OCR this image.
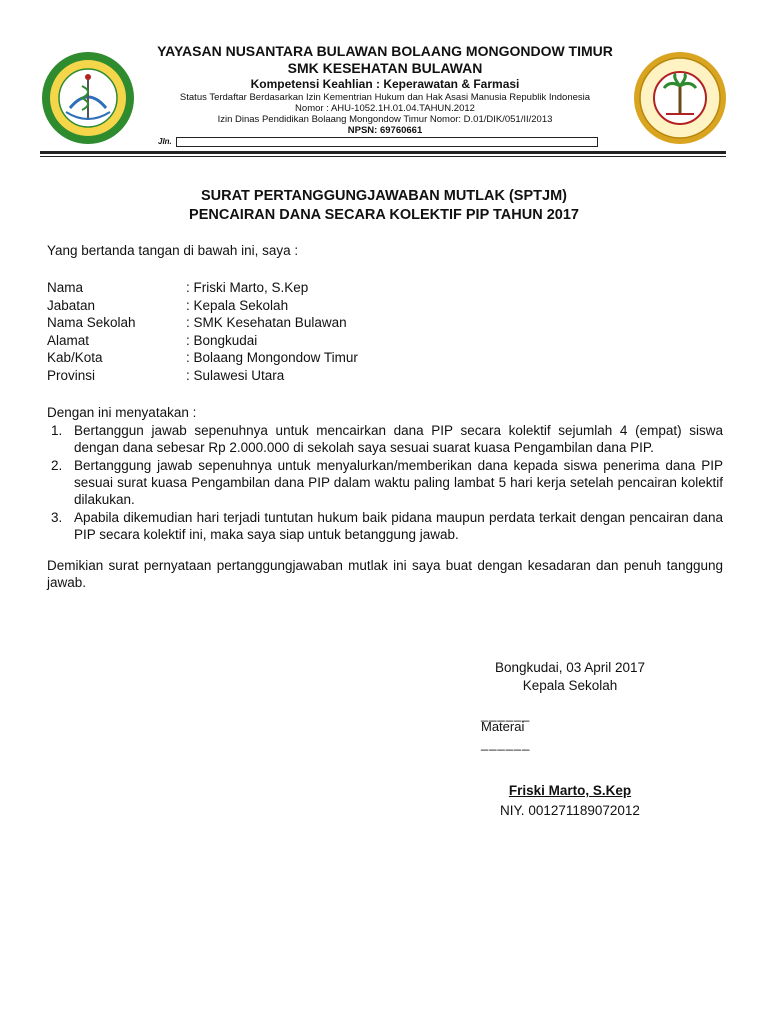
YAYASAN NUSANTARA BULAWAN BOLAANG MONGONDOW TIMUR
SMK KESEHATAN BULAWAN
Kompetensi Keahlian : Keperawatan & Farmasi
Status Terdaftar Berdasarkan Izin Kementrian Hukum dan Hak Asasi Manusia Republik Indonesia
Nomor : AHU-1052.1H.01.04.TAHUN.2012
Izin Dinas Pendidikan Bolaang Mongondow Timur Nomor: D.01/DIK/051/II/2013
NPSN: 69760661
Jln.
SURAT PERTANGGUNGJAWABAN MUTLAK (SPTJM)
PENCAIRAN DANA SECARA KOLEKTIF PIP TAHUN 2017
Yang bertanda tangan di bawah ini, saya :
Nama	: Friski Marto, S.Kep
Jabatan	: Kepala Sekolah
Nama Sekolah	: SMK Kesehatan Bulawan
Alamat	: Bongkudai
Kab/Kota	: Bolaang Mongondow Timur
Provinsi	: Sulawesi Utara
Dengan ini menyatakan :
1. Bertanggun jawab sepenuhnya untuk mencairkan dana PIP secara kolektif sejumlah 4 (empat) siswa dengan dana sebesar Rp 2.000.000 di sekolah saya sesuai suarat kuasa Pengambilan dana PIP.
2. Bertanggung jawab sepenuhnya untuk menyalurkan/memberikan dana kepada siswa penerima dana PIP sesuai surat kuasa Pengambilan dana PIP dalam waktu paling lambat 5 hari kerja setelah pencairan kolektif dilakukan.
3. Apabila dikemudian hari terjadi tuntutan hukum baik pidana maupun perdata terkait dengan pencairan dana PIP secara kolektif ini, maka saya siap untuk betanggung jawab.
Demikian surat pernyataan pertanggungjawaban mutlak ini saya buat dengan kesadaran dan penuh tanggung jawab.
Bongkudai, 03 April 2017
Kepala Sekolah
______
Materai
______
Friski Marto, S.Kep
NIY. 001271189072012
